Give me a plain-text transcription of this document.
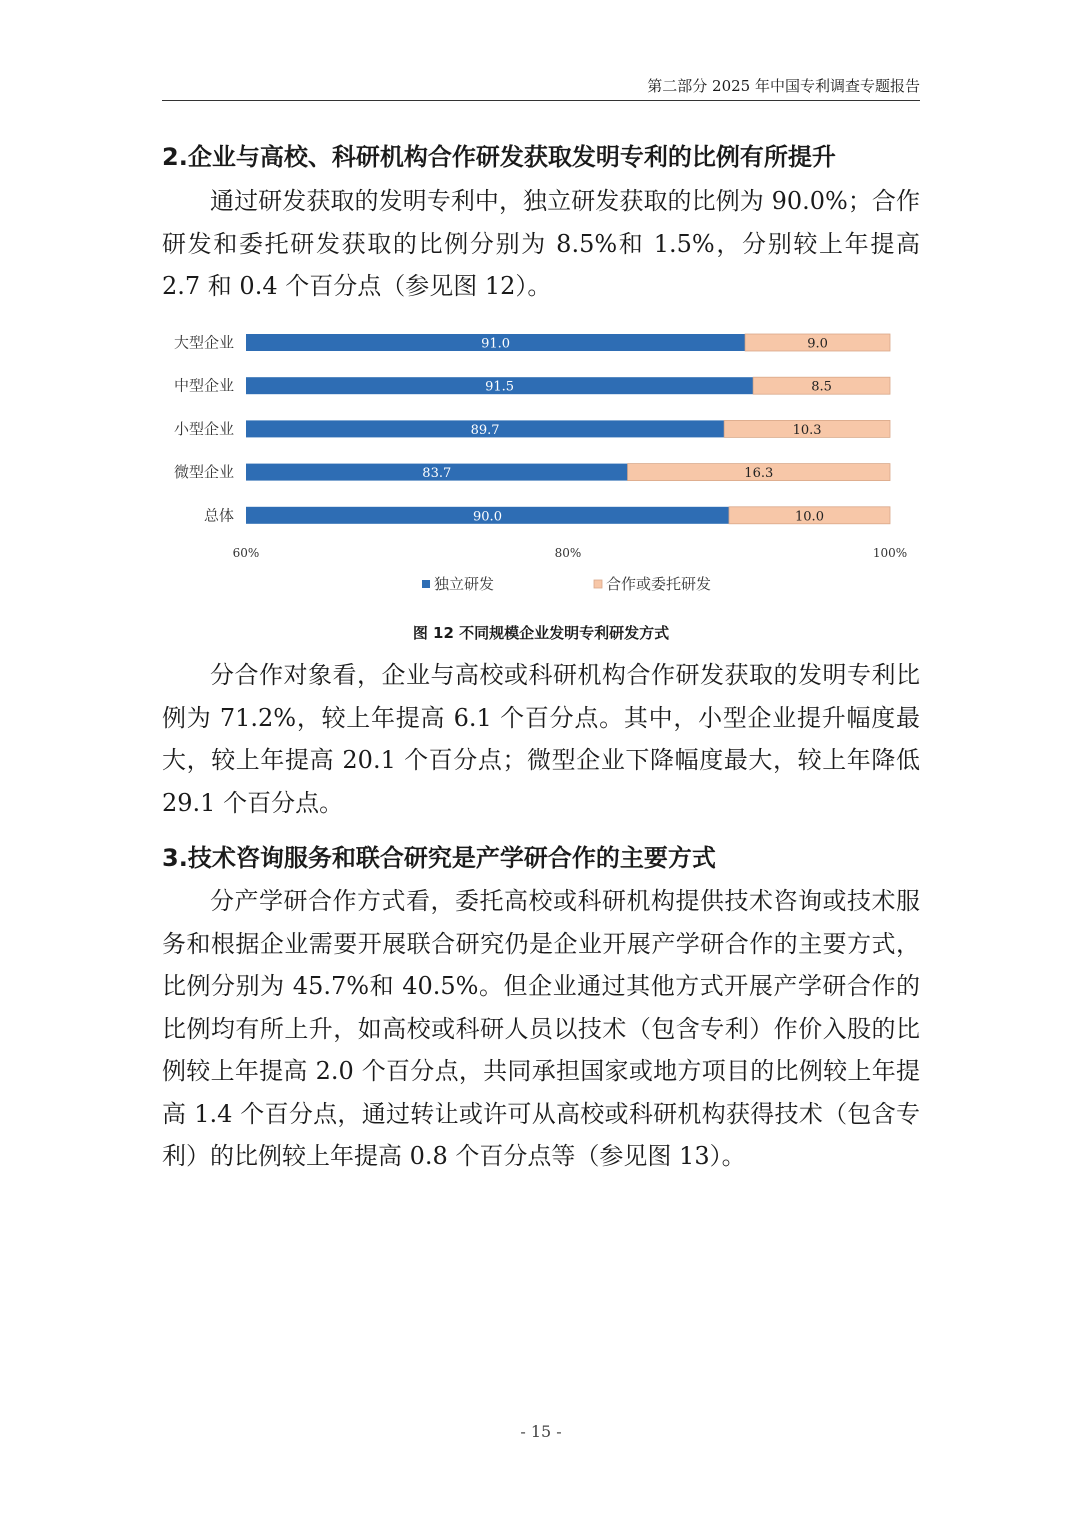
第二部分 2025 年中国专利调查专题报告
2.企业与高校、科研机构合作研发获取发明专利的比例有所提升

通过研发获取的发明专利中，独立研发获取的比例为 90.0%；合作研发和委托研发获取的比例分别为 8.5%和 1.5%，分别较上年提高 2.7 和 0.4 个百分点（参见图 12）。

大型企业	91.0	9.0
中型企业	91.5	8.5
小型企业	89.7	10.3
微型企业	83.7	16.3
总体	90.0	10.0
60%	80%	100%
独立研发	合作或委托研发
图 12 不同规模企业发明专利研发方式

分合作对象看，企业与高校或科研机构合作研发获取的发明专利比例为 71.2%，较上年提高 6.1 个百分点。其中，小型企业提升幅度最大，较上年提高 20.1 个百分点；微型企业下降幅度最大，较上年降低 29.1 个百分点。

3.技术咨询服务和联合研究是产学研合作的主要方式

分产学研合作方式看，委托高校或科研机构提供技术咨询或技术服务和根据企业需要开展联合研究仍是企业开展产学研合作的主要方式，比例分别为 45.7%和 40.5%。但企业通过其他方式开展产学研合作的比例均有所上升，如高校或科研人员以技术（包含专利）作价入股的比例较上年提高 2.0 个百分点，共同承担国家或地方项目的比例较上年提高 1.4 个百分点，通过转让或许可从高校或科研机构获得技术（包含专利）的比例较上年提高 0.8 个百分点等（参见图 13）。

- 15 -
